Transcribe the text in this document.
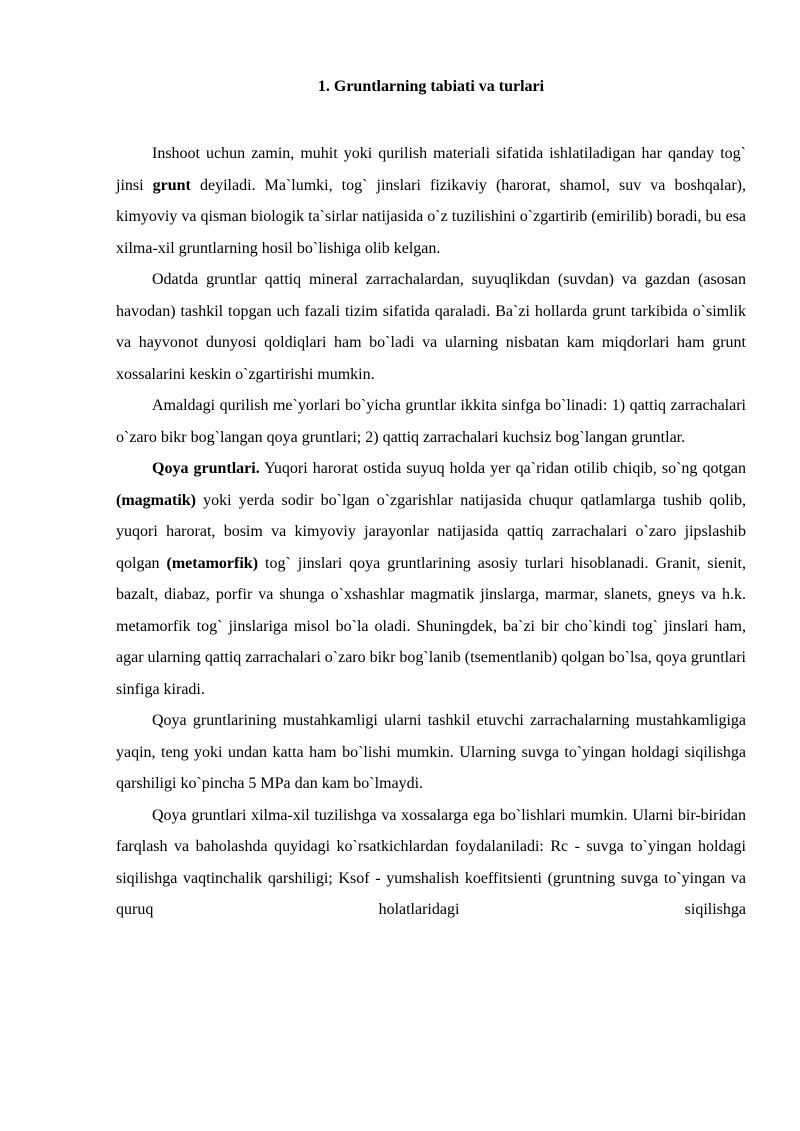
1. Gruntlarning tabiati va turlari

Inshoot uchun zamin, muhit yoki qurilish materiali sifatida ishlatiladigan har qanday tog` jinsi grunt deyiladi. Ma`lumki, tog` jinslari fizikaviy (harorat, shamol, suv va boshqalar), kimyoviy va qisman biologik ta`sirlar natijasida o`z tuzilishini o`zgartirib (emirilib) boradi, bu esa xilma-xil gruntlarning hosil bo`lishiga olib kelgan.

Odatda gruntlar qattiq mineral zarrachalardan, suyuqlikdan (suvdan) va gazdan (asosan havodan) tashkil topgan uch fazali tizim sifatida qaraladi. Ba`zi hollarda grunt tarkibida o`simlik va hayvonot dunyosi qoldiqlari ham bo`ladi va ularning nisbatan kam miqdorlari ham grunt xossalarini keskin o`zgartirishi mumkin.

Amaldagi qurilish me`yorlari bo`yicha gruntlar ikkita sinfga bo`linadi: 1) qattiq zarrachalari o`zaro bikr bog`langan qoya gruntlari; 2) qattiq zarrachalari kuchsiz bog`langan gruntlar.

Qoya gruntlari. Yuqori harorat ostida suyuq holda yer qa`ridan otilib chiqib, so`ng qotgan (magmatik) yoki yerda sodir bo`lgan o`zgarishlar natijasida chuqur qatlamlarga tushib qolib, yuqori harorat, bosim va kimyoviy jarayonlar natijasida qattiq zarrachalari o`zaro jipslashib qolgan (metamorfik) tog` jinslari qoya gruntlarining asosiy turlari hisoblanadi. Granit, sienit, bazalt, diabaz, porfir va shunga o`xshashlar magmatik jinslarga, marmar, slanets, gneys va h.k. metamorfik tog` jinslariga misol bo`la oladi. Shuningdek, ba`zi bir cho`kindi tog` jinslari ham, agar ularning qattiq zarrachalari o`zaro bikr bog`lanib (tsementlanib) qolgan bo`lsa, qoya gruntlari sinfiga kiradi.

Qoya gruntlarining mustahkamligi ularni tashkil etuvchi zarrachalarning mustahkamligiga yaqin, teng yoki undan katta ham bo`lishi mumkin. Ularning suvga to`yingan holdagi siqilishga qarshiligi ko`pincha 5 MPa dan kam bo`lmaydi.

Qoya gruntlari xilma-xil tuzilishga va xossalarga ega bo`lishlari mumkin. Ularni bir-biridan farqlash va baholashda quyidagi ko`rsatkichlardan foydalaniladi: Rc - suvga to`yingan holdagi siqilishga vaqtinchalik qarshiligi; Ksof - yumshalish koeffitsienti (gruntning suvga to`yingan va quruq holatlaridagi siqilishga
